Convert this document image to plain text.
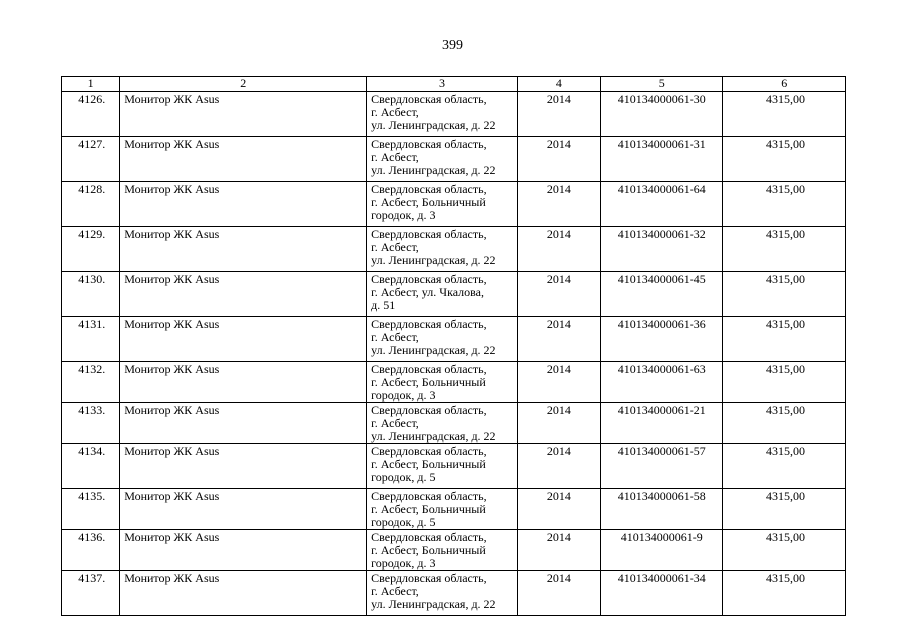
399
1	2	3	4	5	6
4126.	Монитор ЖК Asus	Свердловская область,
г. Асбест,
ул. Ленинградская, д. 22	2014	410134000061-30	4315,00
4127.	Монитор ЖК Asus	Свердловская область,
г. Асбест,
ул. Ленинградская, д. 22	2014	410134000061-31	4315,00
4128.	Монитор ЖК Asus	Свердловская область,
г. Асбест, Больничный
городок, д. 3	2014	410134000061-64	4315,00
4129.	Монитор ЖК Asus	Свердловская область,
г. Асбест,
ул. Ленинградская, д. 22	2014	410134000061-32	4315,00
4130.	Монитор ЖК Asus	Свердловская область,
г. Асбест, ул. Чкалова,
д. 51	2014	410134000061-45	4315,00
4131.	Монитор ЖК Asus	Свердловская область,
г. Асбест,
ул. Ленинградская, д. 22	2014	410134000061-36	4315,00
4132.	Монитор ЖК Asus	Свердловская область,
г. Асбест, Больничный
городок, д. 3	2014	410134000061-63	4315,00
4133.	Монитор ЖК Asus	Свердловская область,
г. Асбест,
ул. Ленинградская, д. 22	2014	410134000061-21	4315,00
4134.	Монитор ЖК Asus	Свердловская область,
г. Асбест, Больничный
городок, д. 5	2014	410134000061-57	4315,00
4135.	Монитор ЖК Asus	Свердловская область,
г. Асбест, Больничный
городок, д. 5	2014	410134000061-58	4315,00
4136.	Монитор ЖК Asus	Свердловская область,
г. Асбест, Больничный
городок, д. 3	2014	410134000061-9	4315,00
4137.	Монитор ЖК Asus	Свердловская область,
г. Асбест,
ул. Ленинградская, д. 22	2014	410134000061-34	4315,00
